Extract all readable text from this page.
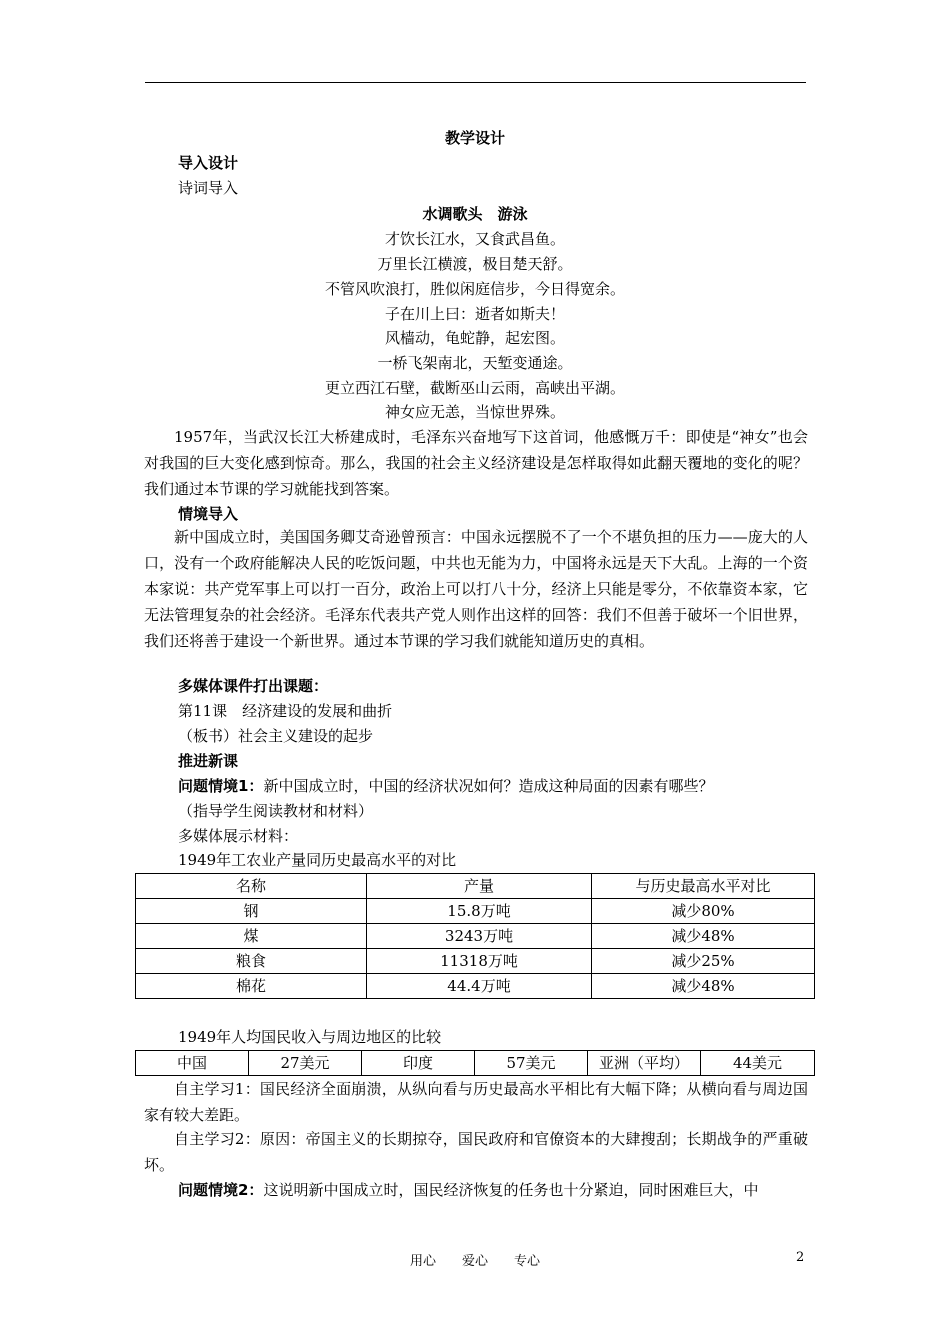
教学设计
导入设计
诗词导入
水调歌头　游泳
才饮长江水，又食武昌鱼。
万里长江横渡，极目楚天舒。
不管风吹浪打，胜似闲庭信步，今日得宽余。
子在川上曰：逝者如斯夫！
风樯动，龟蛇静，起宏图。
一桥飞架南北，天堑变通途。
更立西江石壁，截断巫山云雨，高峡出平湖。
神女应无恙，当惊世界殊。
1957年，当武汉长江大桥建成时，毛泽东兴奋地写下这首词，他感慨万千：即使是“神女”也会对我国的巨大变化感到惊奇。那么，我国的社会主义经济建设是怎样取得如此翻天覆地的变化的呢？我们通过本节课的学习就能找到答案。
情境导入
新中国成立时，美国国务卿艾奇逊曾预言：中国永远摆脱不了一个不堪负担的压力——庞大的人口，没有一个政府能解决人民的吃饭问题，中共也无能为力，中国将永远是天下大乱。上海的一个资本家说：共产党军事上可以打一百分，政治上可以打八十分，经济上只能是零分，不依靠资本家，它无法管理复杂的社会经济。毛泽东代表共产党人则作出这样的回答：我们不但善于破坏一个旧世界，我们还将善于建设一个新世界。通过本节课的学习我们就能知道历史的真相。
多媒体课件打出课题：
第11课　经济建设的发展和曲折
（板书）社会主义建设的起步
推进新课
问题情境1：新中国成立时，中国的经济状况如何？造成这种局面的因素有哪些？
（指导学生阅读教材和材料）
多媒体展示材料：
1949年工农业产量同历史最高水平的对比
名称	产量	与历史最高水平对比
钢	15.8万吨	减少80%
煤	3243万吨	减少48%
粮食	11318万吨	减少25%
棉花	44.4万吨	减少48%
1949年人均国民收入与周边地区的比较
中国	27美元	印度	57美元	亚洲（平均）	44美元
自主学习1：国民经济全面崩溃，从纵向看与历史最高水平相比有大幅下降；从横向看与周边国家有较大差距。
自主学习2：原因：帝国主义的长期掠夺，国民政府和官僚资本的大肆搜刮；长期战争的严重破坏。
问题情境2：这说明新中国成立时，国民经济恢复的任务也十分紧迫，同时困难巨大，中
用心　　爱心　　专心	2
